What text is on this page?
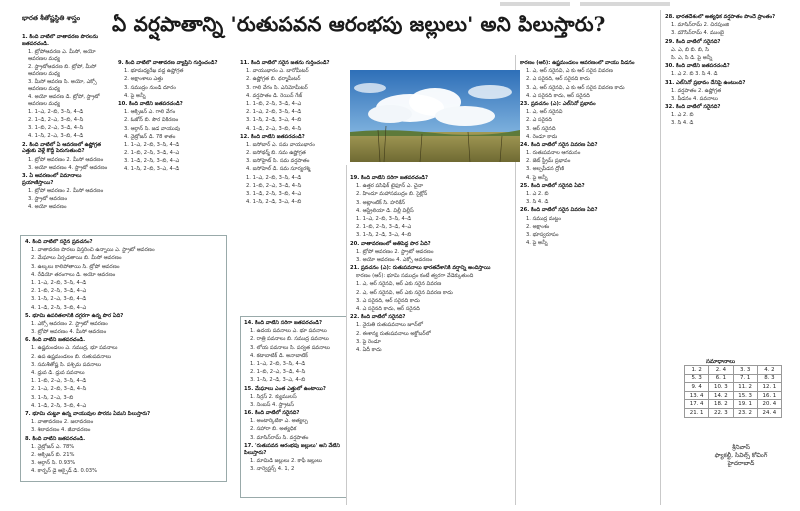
భారత శీతోష్ణస్థితి శాస్త్రం ఏ వర్షపాతాన్ని 'రుతుపవన ఆరంభపు జల్లులు' అని పిలుస్తారు?

1. కింది వాటిలో వాతావరణ పొరలను జతపరచండి.

1. ట్రోపోఆవరణ ఎ. మీసో, అయో ఆవరణల మధ్య

2. స్ట్రాటోఆవరణ బి. ట్రోపో, మీసో ఆవరణల మధ్య

3. మీసో ఆవరణ సి. అయో, ఎక్సో ఆవరణల మధ్య

4. అయో ఆవరణ డి. ట్రోపో, స్ట్రాటో ఆవరణల మధ్య

1. 1–ఎ, 2–బి, 3–సి, 4–డి

2. 1–డి, 2–ఎ, 3–బి, 4–సి

3. 1–బి, 2–ఎ, 3–డి, 4–సి

4. 1–సి, 2–ఎ, 3–బి, 4–డి

2. కింది వాటిలో ఏ ఆవరణలో ఉష్ణోగ్రత ఎత్తుకు వెళ్లే కొద్దీ పెరుగుతుంది?

1. ట్రోపో ఆవరణం 2. మీసో ఆవరణం

3. అయో ఆవరణం 4. స్ట్రాటో ఆవరణం

3. ఏ ఆవరణంలో విమానాలు ప్రయాణిస్తాయి?

1. ట్రోపో ఆవరణం 2. మీసో ఆవరణం

3. స్ట్రాటో ఆవరణం

4. అయో ఆవరణం

9. కింది వాటిలో వాతావరణ వ్యాప్తిని గుర్తించండి?

1. భూమధ్యరేఖ వద్ద ఉష్ణోగ్రత

2. అక్షాంశాలు ఎత్తు

3. సముద్రం నుండి దూరం

4. పై అన్నీ

10. కింది వాటిని జతపరచండి?

1. ఆక్సిజన్ ఎ. గాలి వేగం

2. ఓజోన్ బి. సౌర వికిరణం

3. ఆర్గాన్ సి. జడ వాయువు

4. నైట్రోజన్ డి. 78 శాతం

1. 1–ఎ, 2–బి, 3–సి, 4–డి

2. 1–బి, 2–సి, 3–డి, 4–ఎ

3. 1–డి, 2–సి, 3–బి, 4–ఎ

4. 1–సి, 2–బి, 3–ఎ, 4–డి

11. కింది వాటిలో సరైన జతను గుర్తించండి?

1. వాయుభారం ఎ. బారోమీటర్

2. ఉష్ణోగ్రత బి. థర్మామీటర్

3. గాలి వేగం సి. ఎనిమోమీటర్

4. వర్షపాతం డి. రెయిన్ గేజ్

1. 1–బి, 2–సి, 3–డి, 4–ఎ

2. 1–ఎ, 2–బి, 3–సి, 4–డి

3. 1–సి, 2–డి, 3–ఎ, 4–బి

4. 1–డి, 2–ఎ, 3–బి, 4–సి

12. కింది వాటిని జతపరచండి?

1. ఐసోబార్ ఎ. సమ వాయుభారం

2. ఐసోథర్మ్ బి. సమ ఉష్ణోగ్రత

3. ఐసోహైట్ సి. సమ వర్షపాతం

4. ఐసోహెల్ డి. సమ సూర్యరశ్మి

1. 1–ఎ, 2–బి, 3–సి, 4–డి

2. 1–బి, 2–ఎ, 3–డి, 4–సి

3. 1–డి, 2–సి, 3–బి, 4–ఎ

4. 1–సి, 2–డి, 3–ఎ, 4–బి

19. కింది వాటిని సరిగా జతపరచండి?

1. ఉత్తర పసిఫిక్ టైఫూన్ ఎ. చైనా

2. హిందూ మహాసముద్రం బి. సైక్లోన్

3. అట్లాంటిక్ సి. హరికేన్

4. ఆస్ట్రేలియా డి. విల్లీ విల్లీస్

1. 1–ఎ, 2–బి, 3–సి, 4–డి

2. 1–బి, 2–సి, 3–డి, 4–ఎ

3. 1–సి, 2–డి, 3–ఎ, 4–బి

20. వాతావరణంలో అతిపెద్ద పొర ఏది?

1. ట్రోపో ఆవరణం 2. స్ట్రాటో ఆవరణం

3. అయో ఆవరణం 4. ఎక్సో ఆవరణం

21. ప్రవచనం (ఎ): రుతుపవనాలు భారతదేశానికి వర్షాన్ని అందిస్తాయి

కారణం (ఆర్): భూమి సముద్రం కంటే త్వరగా వేడెక్కుతుంది

1. ఎ, ఆర్ సరైనవి, ఆర్ ఎకు సరైన వివరణ

2. ఎ, ఆర్ సరైనవి, ఆర్ ఎకు సరైన వివరణ కాదు

3. ఎ సరైనది, ఆర్ సరైనది కాదు

4. ఎ సరైనది కాదు, ఆర్ సరైనది

22. కింది వాటిలో సరైనది?

1. నైరుతి రుతుపవనాలు జూన్‌లో

2. ఈశాన్య రుతుపవనాలు అక్టోబర్‌లో

3. పై రెండూ

4. ఏదీ కాదు

కారణం (ఆర్): ఉష్ణమండలం ఆవరణంలో వాయు పీడనం

1. ఎ, ఆర్ సరైనవి, ఎ కు ఆర్ సరైన వివరణ

2. ఎ సరైనది, ఆర్ సరైనది కాదు

3. ఎ, ఆర్ సరైనవి, ఎ కు ఆర్ సరైన వివరణ కాదు

4. ఎ సరైనది కాదు, ఆర్ సరైనది

23. ప్రవచనం (ఎ): ఎల్‌నినో ప్రభావం

1. ఎ, ఆర్ సరైనవి

2. ఎ సరైనది

3. ఆర్ సరైనది

4. రెండూ కాదు

24. కింది వాటిలో సరైన వివరణ ఏది?

1. రుతుపవనాల ఆగమనం

2. జెట్ స్ట్రీమ్ ప్రభావం

3. అల్పపీడన ద్రోణి

4. పై అన్నీ

25. కింది వాటిలో సరైనది ఏది?

1. ఎ 2. బి

3. సి 4. డి

26. కింది వాటిలో సరైన వివరణ ఏది?

1. సముద్ర మట్టం

2. అక్షాంశం

3. భూస్వరూపం

4. పై అన్నీ

28. భారతదేశంలో అత్యధిక వర్షపాతం పొందే ప్రాంతం?

1. మాసిన్‌రామ్ 2. చిరపుంజి

3. మౌసిన్‌రామ్ 4. ముంబై

29. కింది వాటిలో సరైనది?

ఎ. ఎ, బి బి. బి, సి

సి. ఎ, సి డి. పై అన్నీ

30. కింది వాటిని జతపరచండి?

1. ఎ 2. బి 3. సి 4. డి

31. ఎల్‌నినో ప్రభావం దేనిపై ఉంటుంది?

1. వర్షపాతం 2. ఉష్ణోగ్రత

3. పీడనం 4. పవనాలు

32. కింది వాటిలో సరైనది?

1. ఎ 2. బి

3. సి 4. డి

4. కింది వాటిలో సరైన ప్రవచనం?

1. వాతావరణ పొరలు విస్తరించి ఉన్నాయి ఎ. స్ట్రాటో ఆవరణం

2. మేఘాలు ఏర్పడతాయి బి. మీసో ఆవరణం

3. ఉల్కలు కాలిపోతాయి సి. ట్రోపో ఆవరణం

4. రేడియో తరంగాలు డి. అయో ఆవరణం

1. 1–ఎ, 2–బి, 3–సి, 4–డి

2. 1–బి, 2–సి, 3–డి, 4–ఎ

3. 1–సి, 2–ఎ, 3–బి, 4–డి

4. 1–డి, 2–సి, 3–బి, 4–ఎ

5. భూమి ఉపరితలానికి దగ్గరగా ఉన్న పొర ఏది?

1. ఎక్సో ఆవరణం 2. స్ట్రాటో ఆవరణం

3. ట్రోపో ఆవరణం 4. మీసో ఆవరణం

6. కింది వాటిని జతపరచండి.

1. ఉష్ణమండలం ఎ. సముద్ర, భూ పవనాలు

2. ఉప ఉష్ణమండలం బి. రుతుపవనాలు

3. సమశీతోష్ణ సి. పశ్చిమ పవనాలు

4. ధ్రువ డి. ధ్రువ పవనాలు

1. 1–బి, 2–ఎ, 3–సి, 4–డి

2. 1–ఎ, 2–బి, 3–డి, 4–సి

3. 1–సి, 2–ఎ, 3–బి

4. 1–డి, 2–సి, 3–బి, 4–ఎ

7. భూమి చుట్టూ ఉన్న వాయువుల పొరను ఏమని పిలుస్తారు?

1. వాతావరణం 2. జలావరణం

3. శిలావరణం 4. జీవావరణం

8. కింది వాటిని జతపరచండి.

1. నైట్రోజన్ ఎ. 78%

2. ఆక్సిజన్ బి. 21%

3. ఆర్గాన్ సి. 0.93%

4. కార్బన్ డై ఆక్సైడ్ డి. 0.03%

14. కింది వాటిని సరిగా జతపరచండి?

1. ఉదయ పవనాలు ఎ. భూ పవనాలు

2. రాత్రి పవనాలు బి. సముద్ర పవనాలు

3. లోయ పవనాలు సి. పర్వత పవనాలు

4. కటాబాటిక్ డి. అనాబాటిక్

1. 1–ఎ, 2–బి, 3–సి, 4–డి

2. 1–బి, 2–ఎ, 3–డి, 4–సి

3. 1–సి, 2–డి, 3–ఎ, 4–బి

15. మేఘాలు ఎంత ఎత్తులో ఉంటాయి?

1. సిర్రస్ 2. క్యుములస్

3. నింబస్ 4. స్ట్రాటస్

16. కింది వాటిలో సరైనది?

1. అంటార్కిటికా ఎ. అత్యల్ప

2. సహారా బి. అత్యధిక

3. మాసిన్‌రామ్ సి. వర్షపాతం

17. 'రుతుపవన ఆరంభపు జల్లులు' అని వేటిని పిలుస్తారు?

1. మామిడి జల్లులు 2. కాఫీ జల్లులు

3. నార్వెస్టర్స్ 4. 1, 2

సమాధానాలు
1. 2	2. 4	3. 3	4. 2
5. 3	6. 1	7. 1	8. 3
9. 4	10. 3	11. 2	12. 1
13. 4	14. 2	15. 3	16. 1
17. 4	18. 2	19. 1	20. 4
21. 1	22. 3	23. 2	24. 4
శ్రీనివాస్
ఫ్యాకల్టీ, సివిల్స్ కోచింగ్
హైదరాబాద్
